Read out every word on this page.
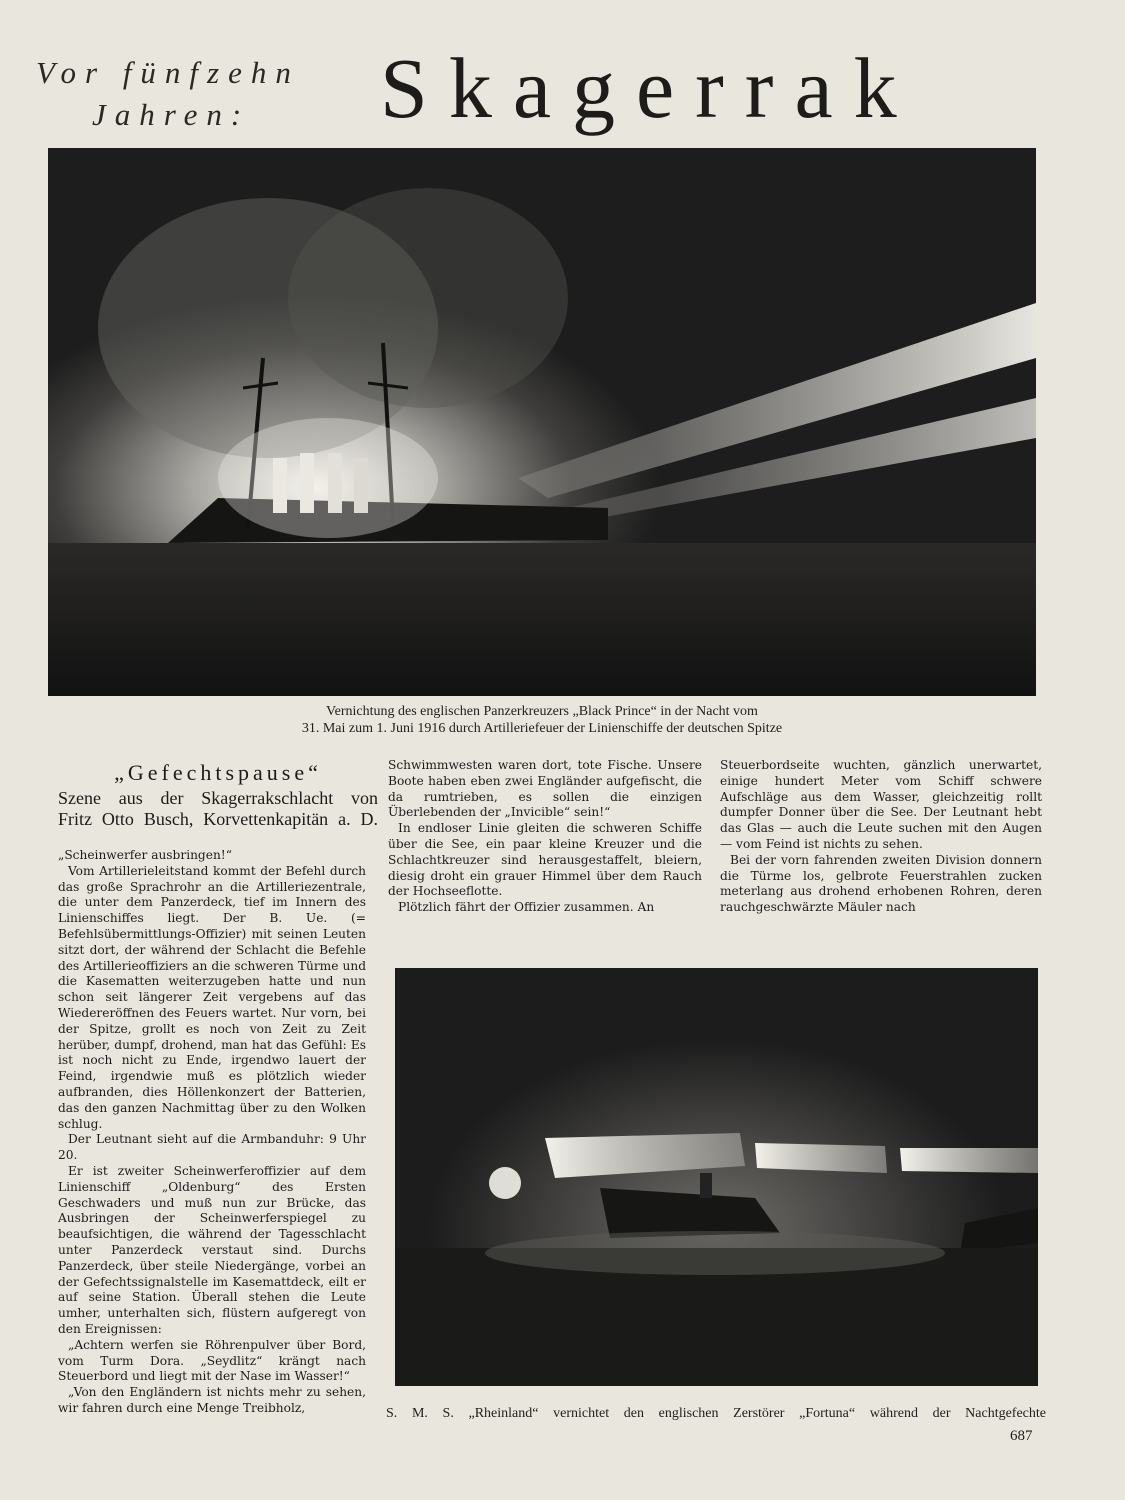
Vor fünfzehn
Jahren:	Skagerrak
Vernichtung des englischen Panzerkreuzers „Black Prince“ in der Nacht vom
31. Mai zum 1. Juni 1916 durch Artilleriefeuer der Linienschiffe der deutschen Spitze
„Gefechtspause“
Szene aus der Skagerrakschlacht von
Fritz Otto Busch, Korvettenkapitän a. D.

„Scheinwerfer ausbringen!“

Vom Artillerieleitstand kommt der Befehl durch das große Sprachrohr an die Artilleriezentrale, die unter dem Panzerdeck, tief im Innern des Linienschiffes liegt. Der B. Ue. (= Befehlsübermittlungs-Offizier) mit seinen Leuten sitzt dort, der während der Schlacht die Befehle des Artillerieoffiziers an die schweren Türme und die Kasematten weiterzugeben hatte und nun schon seit längerer Zeit vergebens auf das Wiedereröffnen des Feuers wartet. Nur vorn, bei der Spitze, grollt es noch von Zeit zu Zeit herüber, dumpf, drohend, man hat das Gefühl: Es ist noch nicht zu Ende, irgendwo lauert der Feind, irgendwie muß es plötzlich wieder aufbranden, dies Höllenkonzert der Batterien, das den ganzen Nachmittag über zu den Wolken schlug.

Der Leutnant sieht auf die Armbanduhr: 9 Uhr 20.

Er ist zweiter Scheinwerferoffizier auf dem Linienschiff „Oldenburg“ des Ersten Geschwaders und muß nun zur Brücke, das Ausbringen der Scheinwerferspiegel zu beaufsichtigen, die während der Tagesschlacht unter Panzerdeck verstaut sind. Durchs Panzerdeck, über steile Niedergänge, vorbei an der Gefechtssignalstelle im Kasemattdeck, eilt er auf seine Station. Überall stehen die Leute umher, unterhalten sich, flüstern aufgeregt von den Ereignissen:

„Achtern werfen sie Röhrenpulver über Bord, vom Turm Dora. „Seydlitz“ krängt nach Steuerbord und liegt mit der Nase im Wasser!“

„Von den Engländern ist nichts mehr zu sehen, wir fahren durch eine Menge Treibholz,

Schwimmwesten waren dort, tote Fische. Unsere Boote haben eben zwei Engländer aufgefischt, die da rumtrieben, es sollen die einzigen Überlebenden der „Invicible“ sein!“

In endloser Linie gleiten die schweren Schiffe über die See, ein paar kleine Kreuzer und die Schlachtkreuzer sind herausgestaffelt, bleiern, diesig droht ein grauer Himmel über dem Rauch der Hochseeflotte.

Plötzlich fährt der Offizier zusammen. An

Steuerbordseite wuchten, gänzlich unerwartet, einige hundert Meter vom Schiff schwere Aufschläge aus dem Wasser, gleichzeitig rollt dumpfer Donner über die See. Der Leutnant hebt das Glas — auch die Leute suchen mit den Augen — vom Feind ist nichts zu sehen.

Bei der vorn fahrenden zweiten Division donnern die Türme los, gelbrote Feuerstrahlen zucken meterlang aus drohend erhobenen Rohren, deren rauchgeschwärzte Mäuler nach

S. M. S. „Rheinland“ vernichtet den englischen Zerstörer „Fortuna“ während der Nachtgefechte
687
